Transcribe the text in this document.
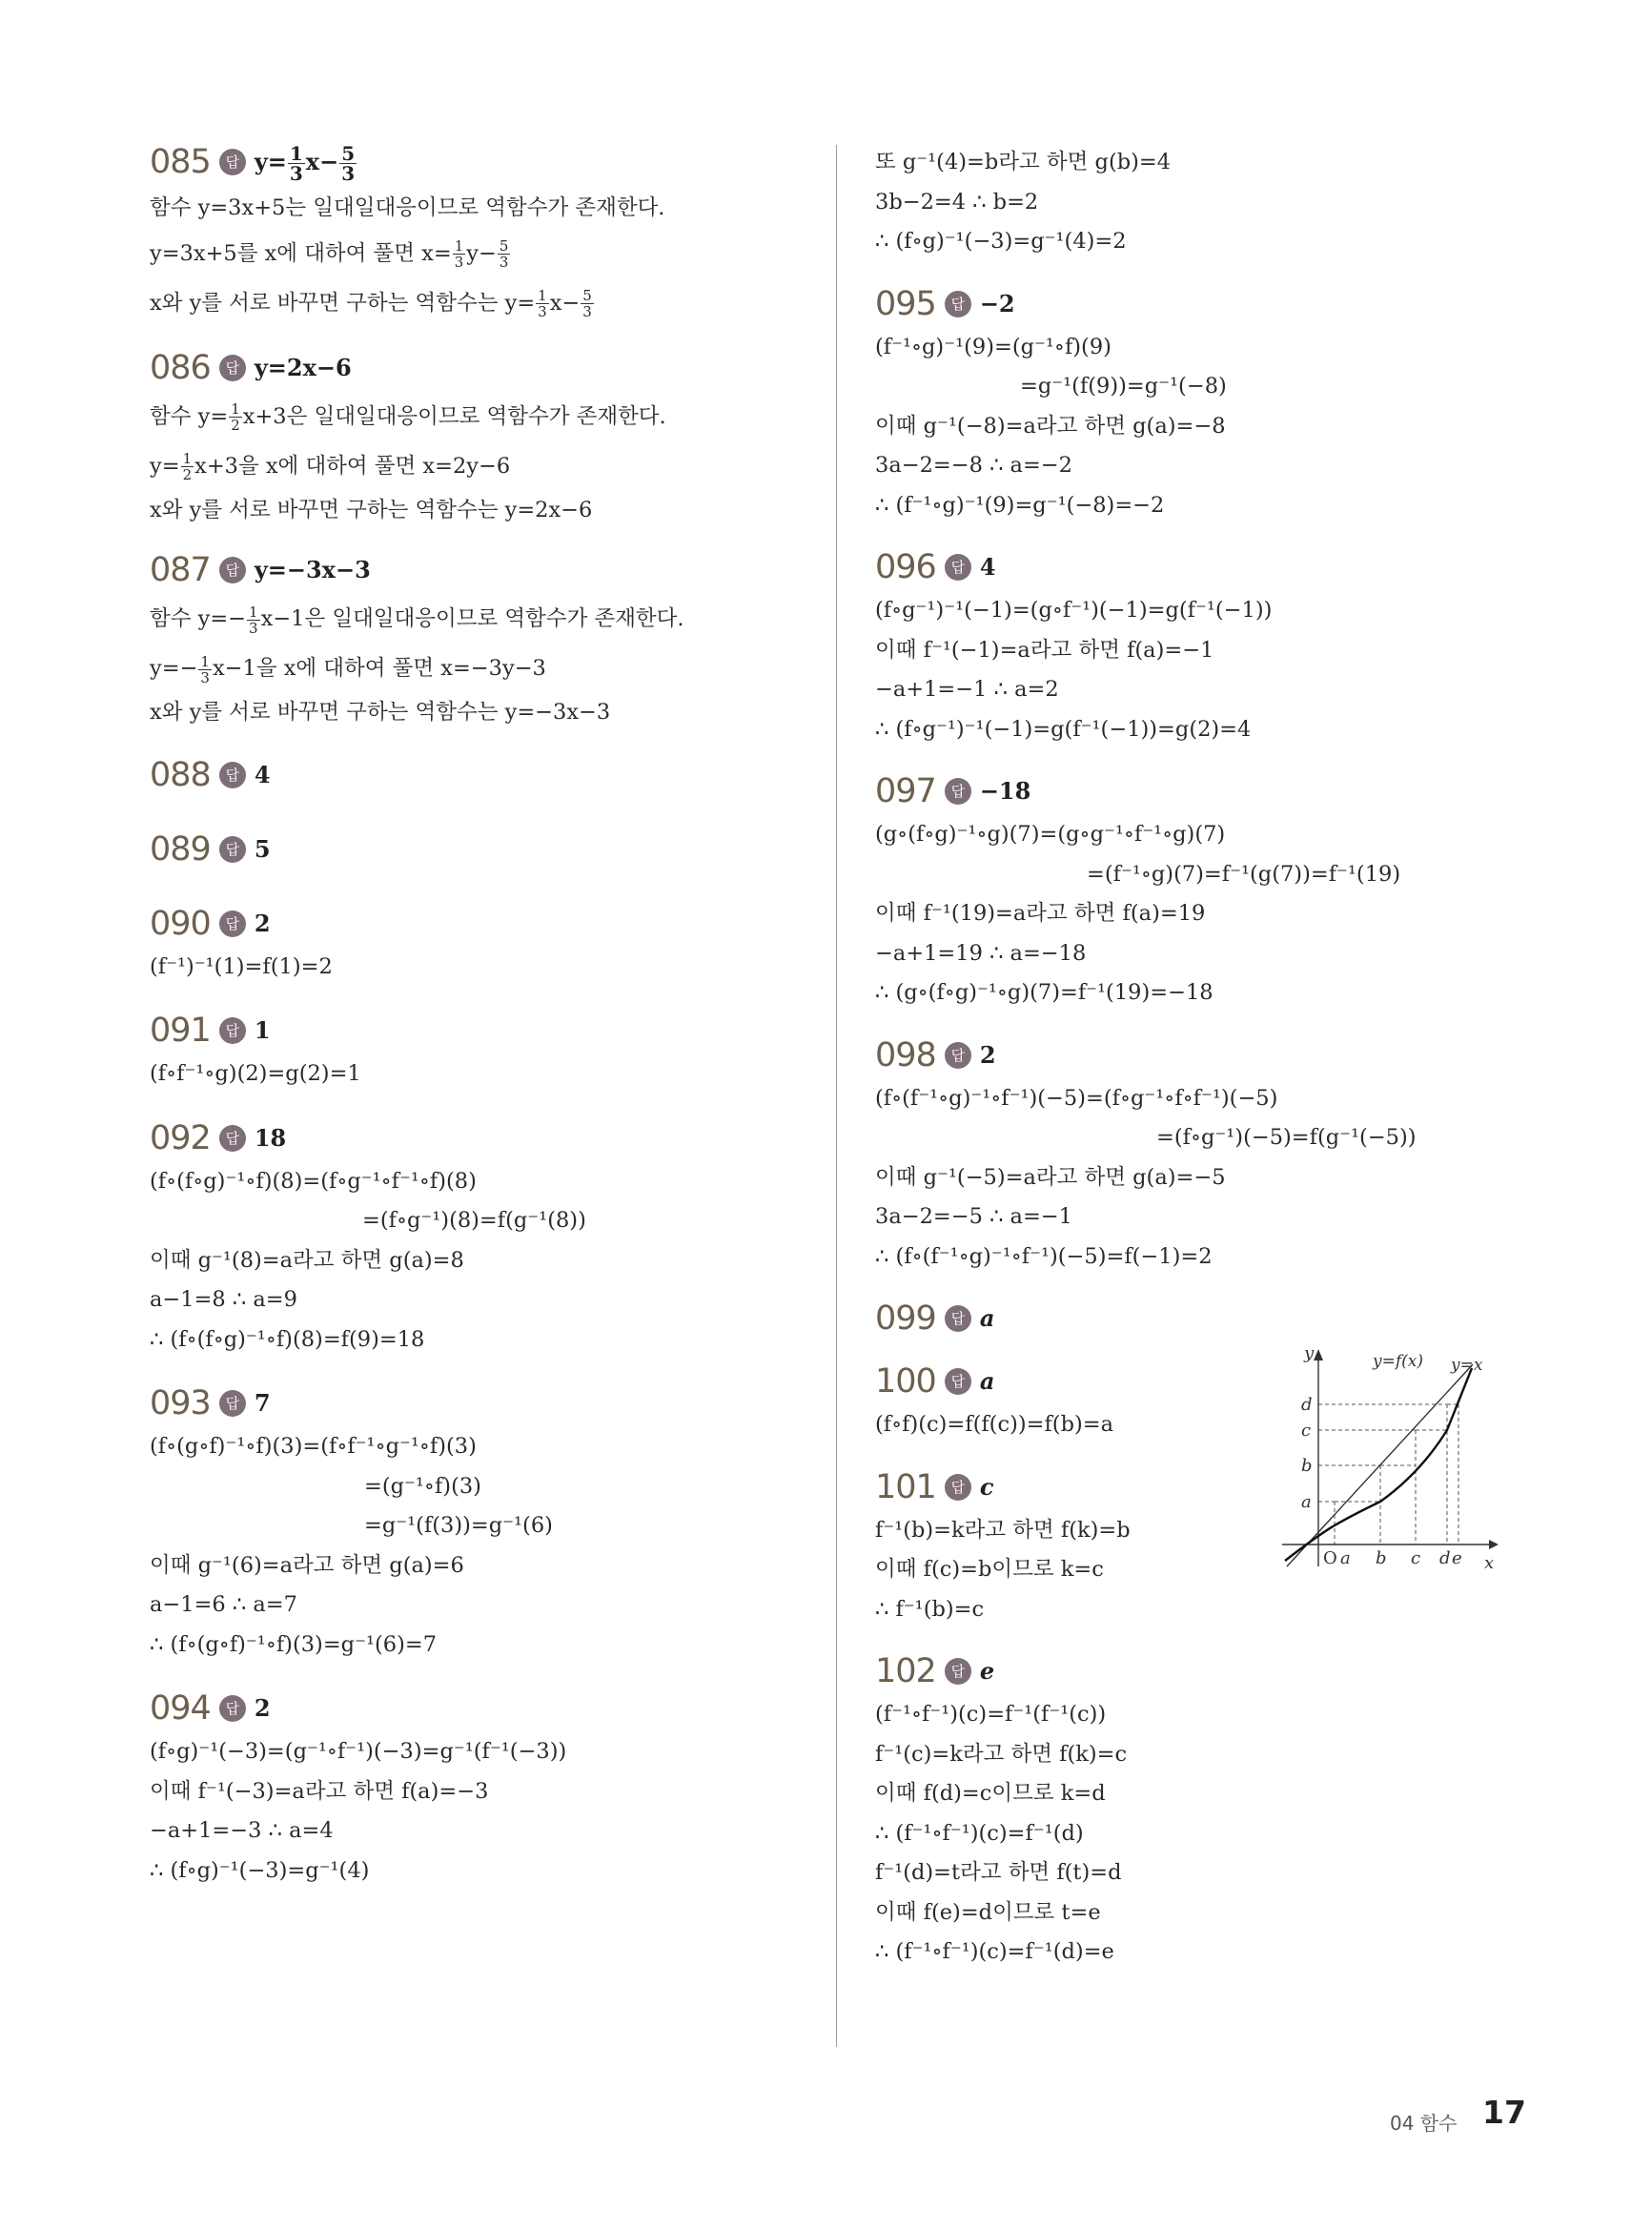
085	답 $y= \frac{1}{3} x- \frac{5}{3}$
함수 y=3x+5는 일대일대응이므로 역함수가 존재한다.
y=3x+5를 x에 대하여 풀면 $x= \frac{1}{3} y- \frac{5}{3}$
x와 y를 서로 바꾸면 구하는 역함수는 $y= \frac{1}{3} x- \frac{5}{3}$
086	답 y=2x−6
함수 $y= \frac{1}{2} x+3$은 일대일대응이므로 역함수가 존재한다.
$y= \frac{1}{2} x+3$을 x에 대하여 풀면 x=2y−6
x와 y를 서로 바꾸면 구하는 역함수는 y=2x−6
087	답 y=−3x−3
함수 $y=- \frac{1}{3} x-1$은 일대일대응이므로 역함수가 존재한다.
$y=- \frac{1}{3} x-1$을 x에 대하여 풀면 x=−3y−3
x와 y를 서로 바꾸면 구하는 역함수는 y=−3x−3
088	답 4
089	답 5
090	답 2
(f⁻¹)⁻¹(1)=f(1)=2
091	답 1
(f∘f⁻¹∘g)(2)=g(2)=1
092	답 18
(f∘(f∘g)⁻¹∘f)(8)=(f∘g⁻¹∘f⁻¹∘f)(8)
=(f∘g⁻¹)(8)=f(g⁻¹(8))
이때 g⁻¹(8)=a라고 하면 g(a)=8
a−1=8 ∴ a=9
∴ (f∘(f∘g)⁻¹∘f)(8)=f(9)=18
093	답 7
(f∘(g∘f)⁻¹∘f)(3)=(f∘f⁻¹∘g⁻¹∘f)(3)
=(g⁻¹∘f)(3)
=g⁻¹(f(3))=g⁻¹(6)
이때 g⁻¹(6)=a라고 하면 g(a)=6
a−1=6 ∴ a=7
∴ (f∘(g∘f)⁻¹∘f)(3)=g⁻¹(6)=7
094	답 2
(f∘g)⁻¹(−3)=(g⁻¹∘f⁻¹)(−3)=g⁻¹(f⁻¹(−3))
이때 f⁻¹(−3)=a라고 하면 f(a)=−3
−a+1=−3 ∴ a=4
∴ (f∘g)⁻¹(−3)=g⁻¹(4)
또 g⁻¹(4)=b라고 하면 g(b)=4
3b−2=4 ∴ b=2
∴ (f∘g)⁻¹(−3)=g⁻¹(4)=2
095	답 −2
(f⁻¹∘g)⁻¹(9)=(g⁻¹∘f)(9)
=g⁻¹(f(9))=g⁻¹(−8)
이때 g⁻¹(−8)=a라고 하면 g(a)=−8
3a−2=−8 ∴ a=−2
∴ (f⁻¹∘g)⁻¹(9)=g⁻¹(−8)=−2
096	답 4
(f∘g⁻¹)⁻¹(−1)=(g∘f⁻¹)(−1)=g(f⁻¹(−1))
이때 f⁻¹(−1)=a라고 하면 f(a)=−1
−a+1=−1 ∴ a=2
∴ (f∘g⁻¹)⁻¹(−1)=g(f⁻¹(−1))=g(2)=4
097	답 −18
(g∘(f∘g)⁻¹∘g)(7)=(g∘g⁻¹∘f⁻¹∘g)(7)
=(f⁻¹∘g)(7)=f⁻¹(g(7))=f⁻¹(19)
이때 f⁻¹(19)=a라고 하면 f(a)=19
−a+1=19 ∴ a=−18
∴ (g∘(f∘g)⁻¹∘g)(7)=f⁻¹(19)=−18
098	답 2
(f∘(f⁻¹∘g)⁻¹∘f⁻¹)(−5)=(f∘g⁻¹∘f∘f⁻¹)(−5)
=(f∘g⁻¹)(−5)=f(g⁻¹(−5))
이때 g⁻¹(−5)=a라고 하면 g(a)=−5
3a−2=−5 ∴ a=−1
∴ (f∘(f⁻¹∘g)⁻¹∘f⁻¹)(−5)=f(−1)=2
099	답 a
100	답 a
(f∘f)(c)=f(f(c))=f(b)=a
101	답 c
f⁻¹(b)=k라고 하면 f(k)=b
이때 f(c)=b이므로 k=c
∴ f⁻¹(b)=c
102	답 e
(f⁻¹∘f⁻¹)(c)=f⁻¹(f⁻¹(c))
f⁻¹(c)=k라고 하면 f(k)=c
이때 f(d)=c이므로 k=d
∴ (f⁻¹∘f⁻¹)(c)=f⁻¹(d)
f⁻¹(d)=t라고 하면 f(t)=d
이때 f(e)=d이므로 t=e
∴ (f⁻¹∘f⁻¹)(c)=f⁻¹(d)=e
y
x
O
y=f(x) y=x
a b c d e
a
b
c
d
04 함수 17
